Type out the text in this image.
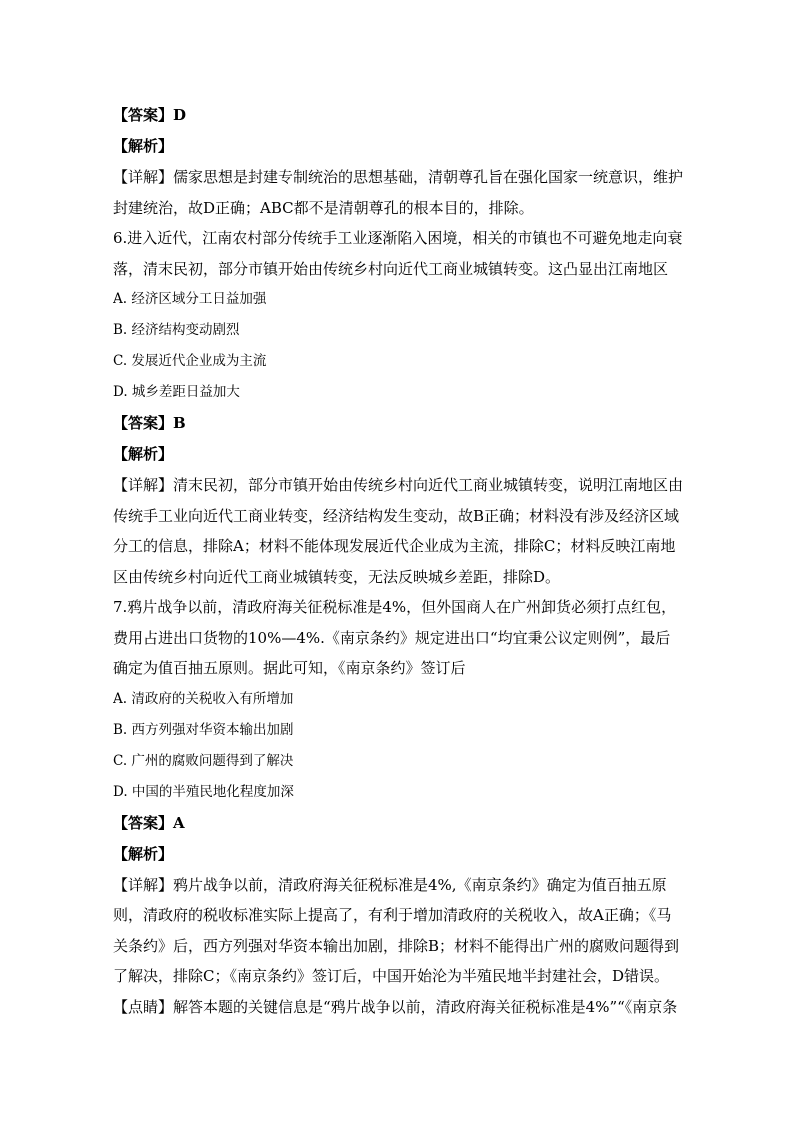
【答案】D
【解析】
【详解】儒家思想是封建专制统治的思想基础，清朝尊孔旨在强化国家一统意识，维护封建统治，故D正确；ABC都不是清朝尊孔的根本目的，排除。
6.进入近代，江南农村部分传统手工业逐渐陷入困境，相关的市镇也不可避免地走向衰落，清末民初，部分市镇开始由传统乡村向近代工商业城镇转变。这凸显出江南地区
A. 经济区域分工日益加强
B. 经济结构变动剧烈
C. 发展近代企业成为主流
D. 城乡差距日益加大
【答案】B
【解析】
【详解】清末民初，部分市镇开始由传统乡村向近代工商业城镇转变，说明江南地区由传统手工业向近代工商业转变，经济结构发生变动，故B正确；材料没有涉及经济区域分工的信息，排除A；材料不能体现发展近代企业成为主流，排除C；材料反映江南地区由传统乡村向近代工商业城镇转变，无法反映城乡差距，排除D。
7.鸦片战争以前，清政府海关征税标准是4%，但外国商人在广州卸货必须打点红包，费用占进出口货物的10%—4%.《南京条约》规定进出口“均宜秉公议定则例”，最后确定为值百抽五原则。据此可知，《南京条约》签订后
A. 清政府的关税收入有所增加
B. 西方列强对华资本输出加剧
C. 广州的腐败问题得到了解决
D. 中国的半殖民地化程度加深
【答案】A
【解析】
【详解】鸦片战争以前，清政府海关征税标准是4%,《南京条约》确定为值百抽五原则，清政府的税收标准实际上提高了，有利于增加清政府的关税收入，故A正确；《马关条约》后，西方列强对华资本输出加剧，排除B；材料不能得出广州的腐败问题得到了解决，排除C；《南京条约》签订后，中国开始沦为半殖民地半封建社会，D错误。
【点睛】解答本题的关键信息是“鸦片战争以前，清政府海关征税标准是4%”“《南京条
